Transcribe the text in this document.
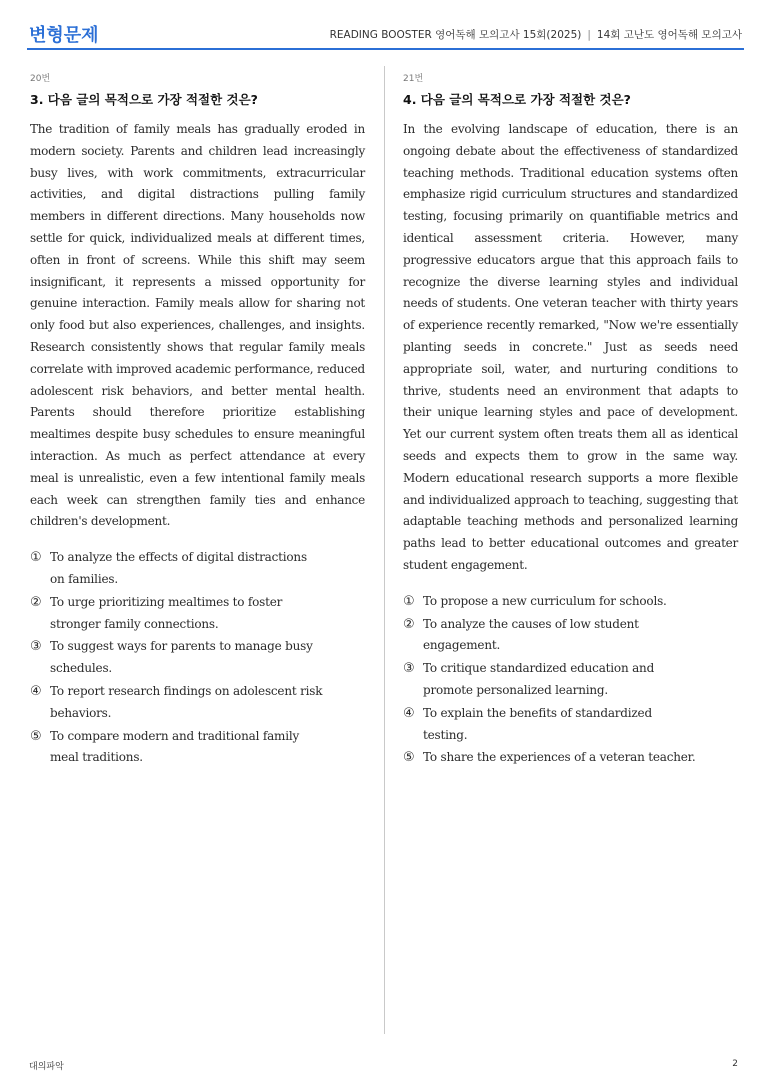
변형문제	READING BOOSTER 영어독해 모의고사 15회(2025) | 14회 고난도 영어독해 모의고사
20번
3. 다음 글의 목적으로 가장 적절한 것은?

The tradition of family meals has gradually eroded in modern society. Parents and children lead increasingly busy lives, with work commitments, extracurricular activities, and digital distractions pulling family members in different directions. Many households now settle for quick, individualized meals at different times, often in front of screens. While this shift may seem insignificant, it represents a missed opportunity for genuine interaction. Family meals allow for sharing not only food but also experiences, challenges, and insights. Research consistently shows that regular family meals correlate with improved academic performance, reduced adolescent risk behaviors, and better mental health. Parents should therefore prioritize establishing mealtimes despite busy schedules to ensure meaningful interaction. As much as perfect attendance at every meal is unrealistic, even a few intentional family meals each week can strengthen family ties and enhance children's development.

① To analyze the effects of digital distractions on families.
② To urge prioritizing mealtimes to foster stronger family connections.
③ To suggest ways for parents to manage busy schedules.
④ To report research findings on adolescent risk behaviors.
⑤ To compare modern and traditional family meal traditions.
21번
4. 다음 글의 목적으로 가장 적절한 것은?

In the evolving landscape of education, there is an ongoing debate about the effectiveness of standardized teaching methods. Traditional education systems often emphasize rigid curriculum structures and standardized testing, focusing primarily on quantifiable metrics and identical assessment criteria. However, many progressive educators argue that this approach fails to recognize the diverse learning styles and individual needs of students. One veteran teacher with thirty years of experience recently remarked, "Now we're essentially planting seeds in concrete." Just as seeds need appropriate soil, water, and nurturing conditions to thrive, students need an environment that adapts to their unique learning styles and pace of development. Yet our current system often treats them all as identical seeds and expects them to grow in the same way. Modern educational research supports a more flexible and individualized approach to teaching, suggesting that adaptable teaching methods and personalized learning paths lead to better educational outcomes and greater student engagement.

① To propose a new curriculum for schools.
② To analyze the causes of low student engagement.
③ To critique standardized education and promote personalized learning.
④ To explain the benefits of standardized testing.
⑤ To share the experiences of a veteran teacher.
대의파악	2
